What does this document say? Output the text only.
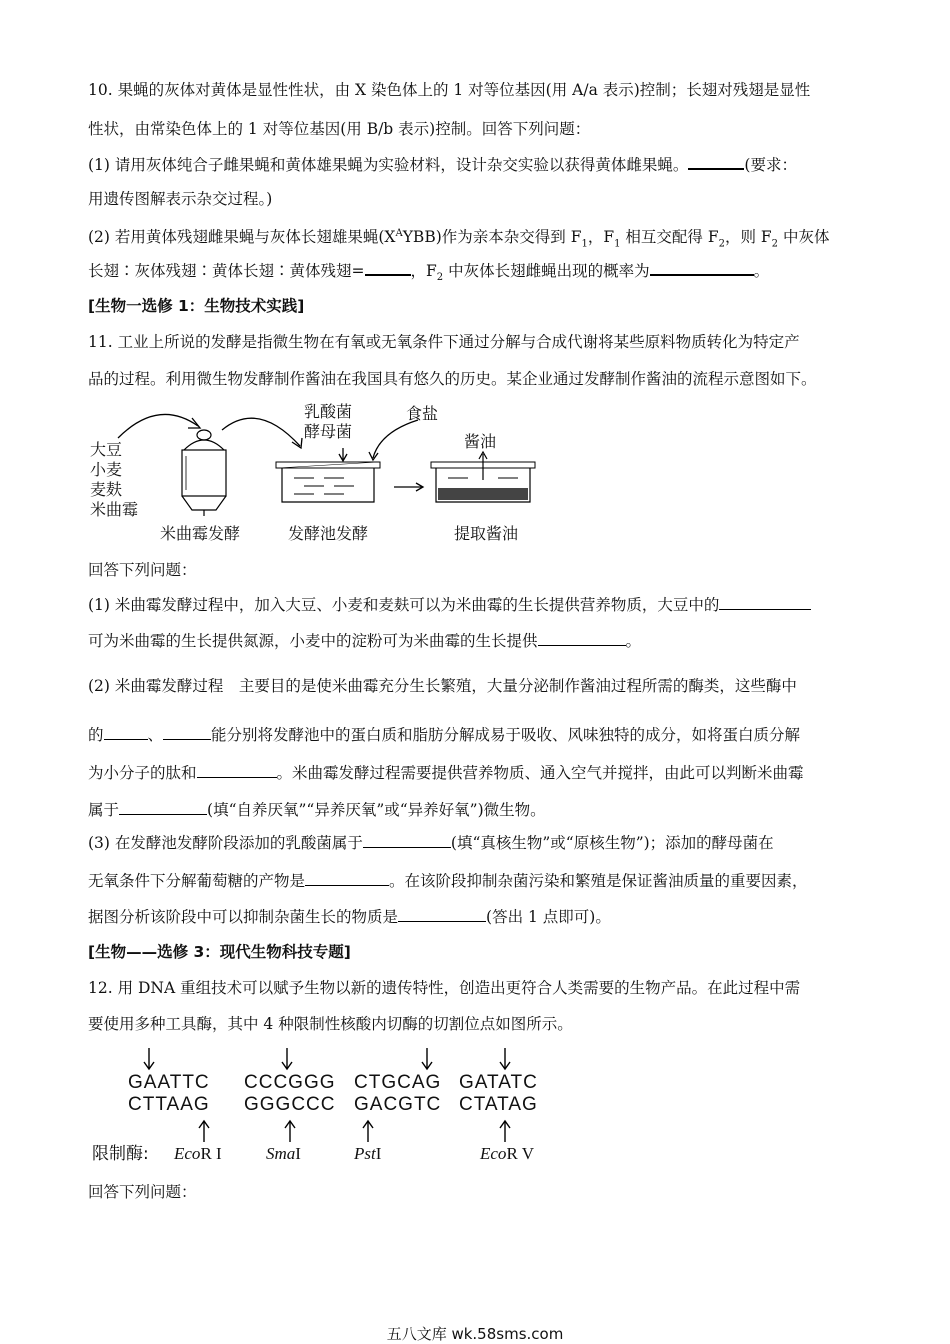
10. 果蝇的灰体对黄体是显性性状，由 X 染色体上的 1 对等位基因(用 A/a 表示)控制；长翅对残翅是显性
性状，由常染色体上的 1 对等位基因(用 B/b 表示)控制。回答下列问题：
(1) 请用灰体纯合子雌果蝇和黄体雄果蝇为实验材料，设计杂交实验以获得黄体雌果蝇。	(要求：
用遗传图解表示杂交过程。)
(2) 若用黄体残翅雌果蝇与灰体长翅雄果蝇$(X^AYBB)$作为亲本杂交得到 $F_1$，$F_1$ 相互交配得 $F_2$，则 $F_2$ 中灰体
长翅∶灰体残翅∶黄体长翅∶黄体残翅=	，$F_2$ 中灰体长翅雌蝇出现的概率为	。
[生物一选修 1：生物技术实践]
11. 工业上所说的发酵是指微生物在有氧或无氧条件下通过分解与合成代谢将某些原料物质转化为特定产
品的过程。利用微生物发酵制作酱油在我国具有悠久的历史。某企业通过发酵制作酱油的流程示意图如下。
大豆
小麦
麦麸
米曲霉
乳酸菌
酵母菌
食盐
酱油
米曲霉发酵	发酵池发酵	提取酱油
回答下列问题：
(1) 米曲霉发酵过程中，加入大豆、小麦和麦麸可以为米曲霉的生长提供营养物质，大豆中的
可为米曲霉的生长提供氮源，小麦中的淀粉可为米曲霉的生长提供	。
(2) 米曲霉发酵过程　主要目的是使米曲霉充分生长繁殖，大量分泌制作酱油过程所需的酶类，这些酶中
的	、	能分别将发酵池中的蛋白质和脂肪分解成易于吸收、风味独特的成分，如将蛋白质分解
为小分子的肽和	。米曲霉发酵过程需要提供营养物质、通入空气并搅拌，由此可以判断米曲霉
属于	(填“自养厌氧”“异养厌氧”或“异养好氧”)微生物。
(3) 在发酵池发酵阶段添加的乳酸菌属于	(填“真核生物”或“原核生物”)；添加的酵母菌在
无氧条件下分解葡萄糖的产物是	。在该阶段抑制杂菌污染和繁殖是保证酱油质量的重要因素，
据图分析该阶段中可以抑制杂菌生长的物质是	(答出 1 点即可)。
[生物——选修 3：现代生物科技专题]
12. 用 DNA 重组技术可以赋予生物以新的遗传特性，创造出更符合人类需要的生物产品。在此过程中需
要使用多种工具酶，其中 4 种限制性核酸内切酶的切割位点如图所示。
GAATTC
CTTAAG
CCCGGG
GGGCCC
CTGCAG
GACGTC
GATATC
CTATAG
限制酶: EcoR I	SmaI	PstI	EcoR V
回答下列问题：
五八文库 wk.58sms.com
